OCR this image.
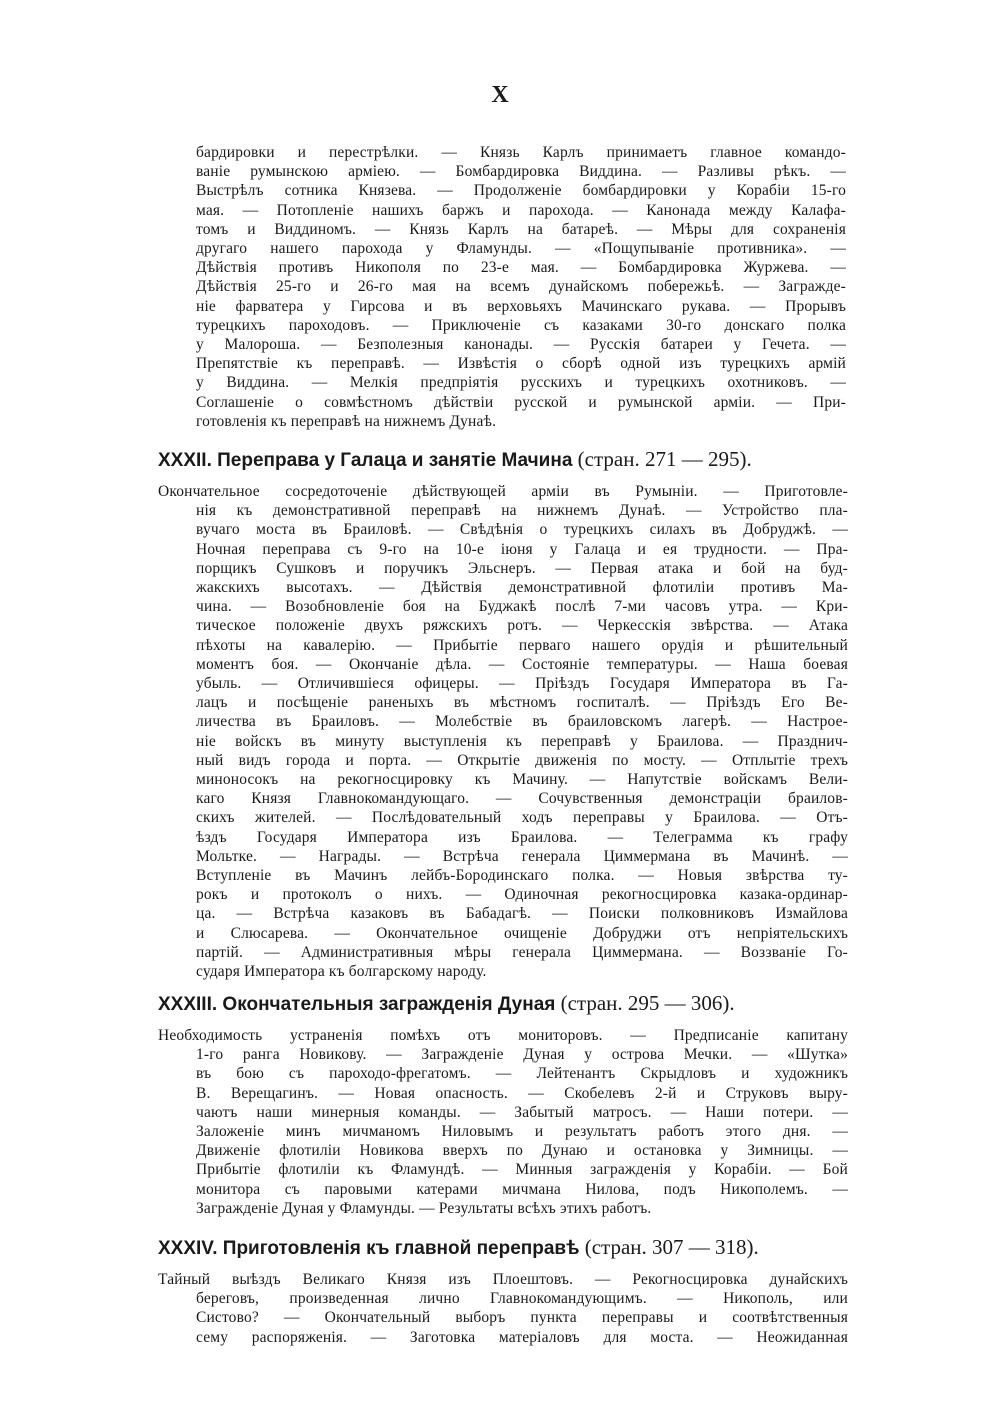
X
бардировки и перестрѣлки. — Князь Карлъ принимаетъ главное командо-
ваніе румынскою арміею. — Бомбардировка Виддина. — Разливы рѣкъ. —
Выстрѣлъ сотника Князева. — Продолженіе бомбардировки у Корабіи 15-го
мая. — Потопленіе нашихъ баржъ и парохода. — Канонада между Калафа-
томъ и Виддиномъ. — Князь Карлъ на батареѣ. — Мѣры для сохраненія
другаго нашего парохода у Фламунды. — «Пощупываніе противника». —
Дѣйствія противъ Никополя по 23-е мая. — Бомбардировка Журжева. —
Дѣйствія 25-го и 26-го мая на всемъ дунайскомъ побережьѣ. — Загражде-
ніе фарватера у Гирсова и въ верховьяхъ Мачинскаго рукава. — Прорывъ
турецкихъ пароходовъ. — Приключеніе съ казаками 30-го донскаго полка
у Малороша. — Безполезныя канонады. — Русскія батареи у Гечета. —
Препятствіе къ переправѣ. — Извѣстія о сборѣ одной изъ турецкихъ армій
у Виддина. — Мелкія предпріятія русскихъ и турецкихъ охотниковъ. —
Соглашеніе о совмѣстномъ дѣйствіи русской и румынской арміи. — При-
готовленія къ переправѣ на нижнемъ Дунаѣ.
XXXII. Переправа у Галаца и занятіе Мачина (стран. 271 — 295).
Окончательное сосредоточеніе дѣйствующей арміи въ Румыніи. — Приготовле-
нія къ демонстративной переправѣ на нижнемъ Дунаѣ. — Устройство пла-
вучаго моста въ Браиловѣ. — Свѣдѣнія о турецкихъ силахъ въ Добруджѣ. —
Ночная переправа съ 9-го на 10-е іюня у Галаца и ея трудности. — Пра-
порщикъ Сушковъ и поручикъ Эльснеръ. — Первая атака и бой на буд-
жакскихъ высотахъ. — Дѣйствія демонстративной флотиліи противъ Ма-
чина. — Возобновленіе боя на Буджакѣ послѣ 7-ми часовъ утра. — Кри-
тическое положеніе двухъ ряжскихъ ротъ. — Черкесскія звѣрства. — Атака
пѣхоты на кавалерію. — Прибытіе перваго нашего орудія и рѣшительный
моментъ боя. — Окончаніе дѣла. — Состояніе температуры. — Наша боевая
убыль. — Отличившіеся офицеры. — Пріѣздъ Государя Императора въ Га-
лацъ и посѣщеніе раненыхъ въ мѣстномъ госпиталѣ. — Пріѣздъ Его Ве-
личества въ Браиловъ. — Молебствіе въ браиловскомъ лагерѣ. — Настрое-
ніе войскъ въ минуту выступленія къ переправѣ у Браилова. — Празднич-
ный видъ города и порта. — Открытіе движенія по мосту. — Отплытіе трехъ
миноносокъ на рекогносцировку къ Мачину. — Напутствіе войскамъ Вели-
каго Князя Главнокомандующаго. — Сочувственныя демонстраціи браилов-
скихъ жителей. — Послѣдовательный ходъ переправы у Браилова. — Отъ-
ѣздъ Государя Императора изъ Браилова. — Телеграмма къ графу
Мольтке. — Награды. — Встрѣча генерала Циммермана въ Мачинѣ. —
Вступленіе въ Мачинъ лейбъ-Бородинскаго полка. — Новыя звѣрства ту-
рокъ и протоколъ о нихъ. — Одиночная рекогносцировка казака-ординар-
ца. — Встрѣча казаковъ въ Бабадагѣ. — Поиски полковниковъ Измайлова
и Слюсарева. — Окончательное очищеніе Добруджи отъ непріятельскихъ
партій. — Административныя мѣры генерала Циммермана. — Воззваніе Го-
сударя Императора къ болгарскому народу.
XXXIII. Окончательныя загражденія Дуная (стран. 295 — 306).
Необходимость устраненія помѣхъ отъ мониторовъ. — Предписаніе капитану
1-го ранга Новикову. — Загражденіе Дуная у острова Мечки. — «Шутка»
въ бою съ пароходо-фрегатомъ. — Лейтенантъ Скрыдловъ и художникъ
В. Верещагинъ. — Новая опасность. — Скобелевъ 2-й и Струковъ выру-
чаютъ наши минерныя команды. — Забытый матросъ. — Наши потери. —
Заложеніе минъ мичманомъ Ниловымъ и результатъ работъ этого дня. —
Движеніе флотиліи Новикова вверхъ по Дунаю и остановка у Зимницы. —
Прибытіе флотиліи къ Фламундѣ. — Минныя загражденія у Корабіи. — Бой
монитора съ паровыми катерами мичмана Нилова, подъ Никополемъ. —
Загражденіе Дуная у Фламунды. — Результаты всѣхъ этихъ работъ.
XXXIV. Приготовленія къ главной переправѣ (стран. 307 — 318).
Тайный выѣздъ Великаго Князя изъ Плоештовъ. — Рекогносцировка дунайскихъ
береговъ, произведенная лично Главнокомандующимъ. — Никополь, или
Систово? — Окончательный выборъ пункта переправы и соотвѣтственныя
сему распоряженія. — Заготовка матеріаловъ для моста. — Неожиданная
